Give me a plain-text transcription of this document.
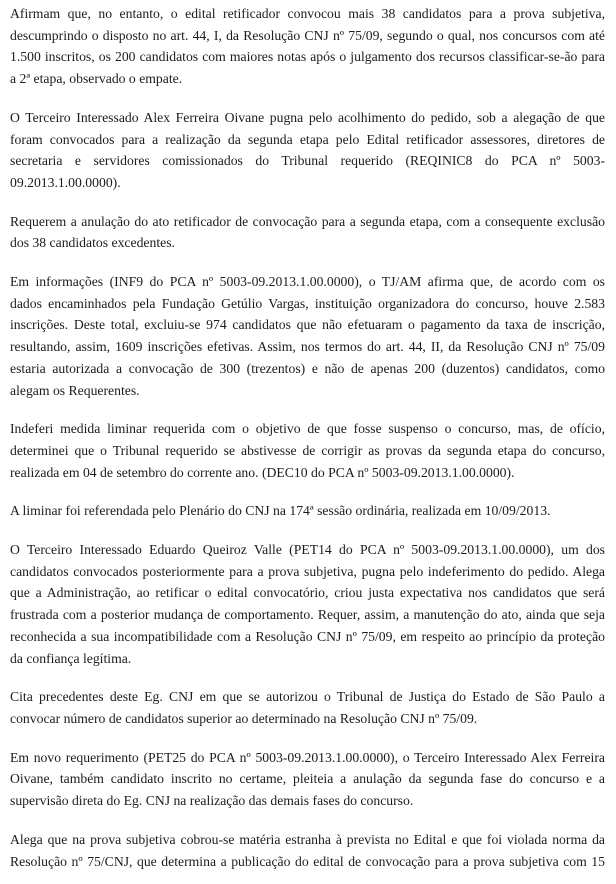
Afirmam que, no entanto, o edital retificador convocou mais 38 candidatos para a prova subjetiva,
descumprindo o disposto no art. 44, I, da Resolução CNJ nº 75/09, segundo o qual, nos concursos com até
1.500 inscritos, os 200 candidatos com maiores notas após o julgamento dos recursos classificar-se-ão para
a 2ª etapa, observado o empate.

O Terceiro Interessado Alex Ferreira Oivane pugna pelo acolhimento do pedido, sob a alegação de que
foram convocados para a realização da segunda etapa pelo Edital retificador assessores, diretores de
secretaria e servidores comissionados do Tribunal requerido (REQINIC8 do PCA nº 5003-
09.2013.1.00.0000).

Requerem a anulação do ato retificador de convocação para a segunda etapa, com a consequente exclusão
dos 38 candidatos excedentes.

Em informações (INF9 do PCA nº 5003-09.2013.1.00.0000), o TJ/AM afirma que, de acordo com os
dados encaminhados pela Fundação Getúlio Vargas, instituição organizadora do concurso, houve 2.583
inscrições. Deste total, excluiu-se 974 candidatos que não efetuaram o pagamento da taxa de inscrição,
resultando, assim, 1609 inscrições efetivas. Assim, nos termos do art. 44, II, da Resolução CNJ nº 75/09
estaria autorizada a convocação de 300 (trezentos) e não de apenas 200 (duzentos) candidatos, como
alegam os Requerentes.

Indeferi medida liminar requerida com o objetivo de que fosse suspenso o concurso, mas, de ofício,
determinei que o Tribunal requerido se abstivesse de corrigir as provas da segunda etapa do concurso,
realizada em 04 de setembro do corrente ano. (DEC10 do PCA nº 5003-09.2013.1.00.0000).

A liminar foi referendada pelo Plenário do CNJ na 174ª sessão ordinária, realizada em 10/09/2013.

O Terceiro Interessado Eduardo Queiroz Valle (PET14 do PCA nº 5003-09.2013.1.00.0000), um dos
candidatos convocados posteriormente para a prova subjetiva, pugna pelo indeferimento do pedido. Alega
que a Administração, ao retificar o edital convocatório, criou justa expectativa nos candidatos que será
frustrada com a posterior mudança de comportamento. Requer, assim, a manutenção do ato, ainda que seja
reconhecida a sua incompatibilidade com a Resolução CNJ nº 75/09, em respeito ao princípio da proteção
da confiança legítima.

Cita precedentes deste Eg. CNJ em que se autorizou o Tribunal de Justiça do Estado de São Paulo a
convocar número de candidatos superior ao determinado na Resolução CNJ nº 75/09.

Em novo requerimento (PET25 do PCA nº 5003-09.2013.1.00.0000), o Terceiro Interessado Alex Ferreira
Oivane, também candidato inscrito no certame, pleiteia a anulação da segunda fase do concurso e a
supervisão direta do Eg. CNJ na realização das demais fases do concurso.

Alega que na prova subjetiva cobrou-se matéria estranha à prevista no Edital e que foi violada norma da
Resolução nº 75/CNJ, que determina a publicação do edital de convocação para a prova subjetiva com 15
